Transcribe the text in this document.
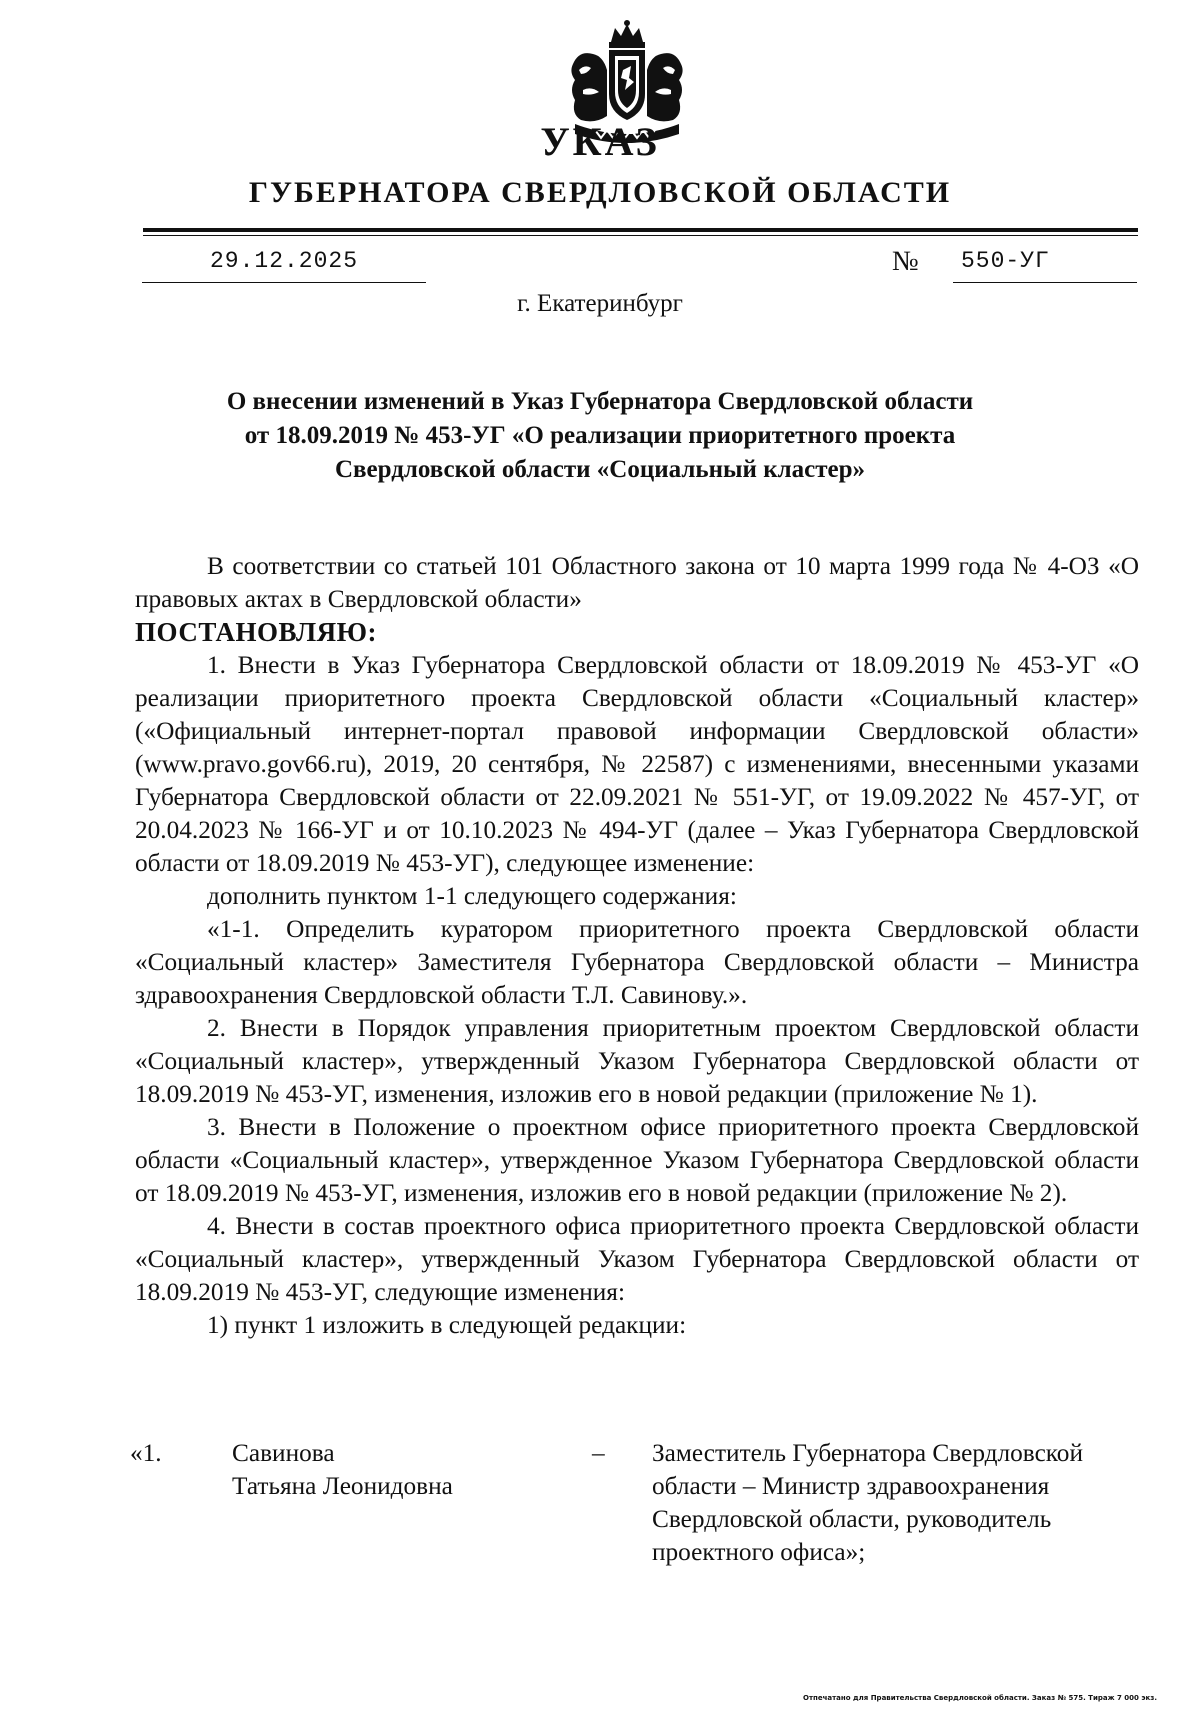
УКАЗ
ГУБЕРНАТОРА СВЕРДЛОВСКОЙ ОБЛАСТИ
29.12.2025	№ 550-УГ
г. Екатеринбург
О внесении изменений в Указ Губернатора Свердловской области
от 18.09.2019 № 453-УГ «О реализации приоритетного проекта
Свердловской области «Социальный кластер»

В соответствии со статьей 101 Областного закона от 10 марта 1999 года № 4-ОЗ «О правовых актах в Свердловской области»

ПОСТАНОВЛЯЮ:

1. Внести в Указ Губернатора Свердловской области от 18.09.2019 № 453-УГ «О реализации приоритетного проекта Свердловской области «Социальный кластер» («Официальный интернет-портал правовой информации Свердловской области» (www.pravo.gov66.ru), 2019, 20 сентября, № 22587) с изменениями, внесенными указами Губернатора Свердловской области от 22.09.2021 № 551-УГ, от 19.09.2022 № 457-УГ, от 20.04.2023 № 166-УГ и от 10.10.2023 № 494-УГ (далее – Указ Губернатора Свердловской области от 18.09.2019 № 453-УГ), следующее изменение:

дополнить пунктом 1-1 следующего содержания:

«1-1. Определить куратором приоритетного проекта Свердловской области «Социальный кластер» Заместителя Губернатора Свердловской области – Министра здравоохранения Свердловской области Т.Л. Савинову.».

2. Внести в Порядок управления приоритетным проектом Свердловской области «Социальный кластер», утвержденный Указом Губернатора Свердловской области от 18.09.2019 № 453-УГ, изменения, изложив его в новой редакции (приложение № 1).

3. Внести в Положение о проектном офисе приоритетного проекта Свердловской области «Социальный кластер», утвержденное Указом Губернатора Свердловской области от 18.09.2019 № 453-УГ, изменения, изложив его в новой редакции (приложение № 2).

4. Внести в состав проектного офиса приоритетного проекта Свердловской области «Социальный кластер», утвержденный Указом Губернатора Свердловской области от 18.09.2019 № 453-УГ, следующие изменения:

1) пункт 1 изложить в следующей редакции:

«1.	Савинова
Татьяна Леонидовна
– Заместитель Губернатора Свердловской
области – Министр здравоохранения
Свердловской области, руководитель
проектного офиса»;
Отпечатано для Правительства Свердловской области. Заказ № 575. Тираж 7 000 экз.
